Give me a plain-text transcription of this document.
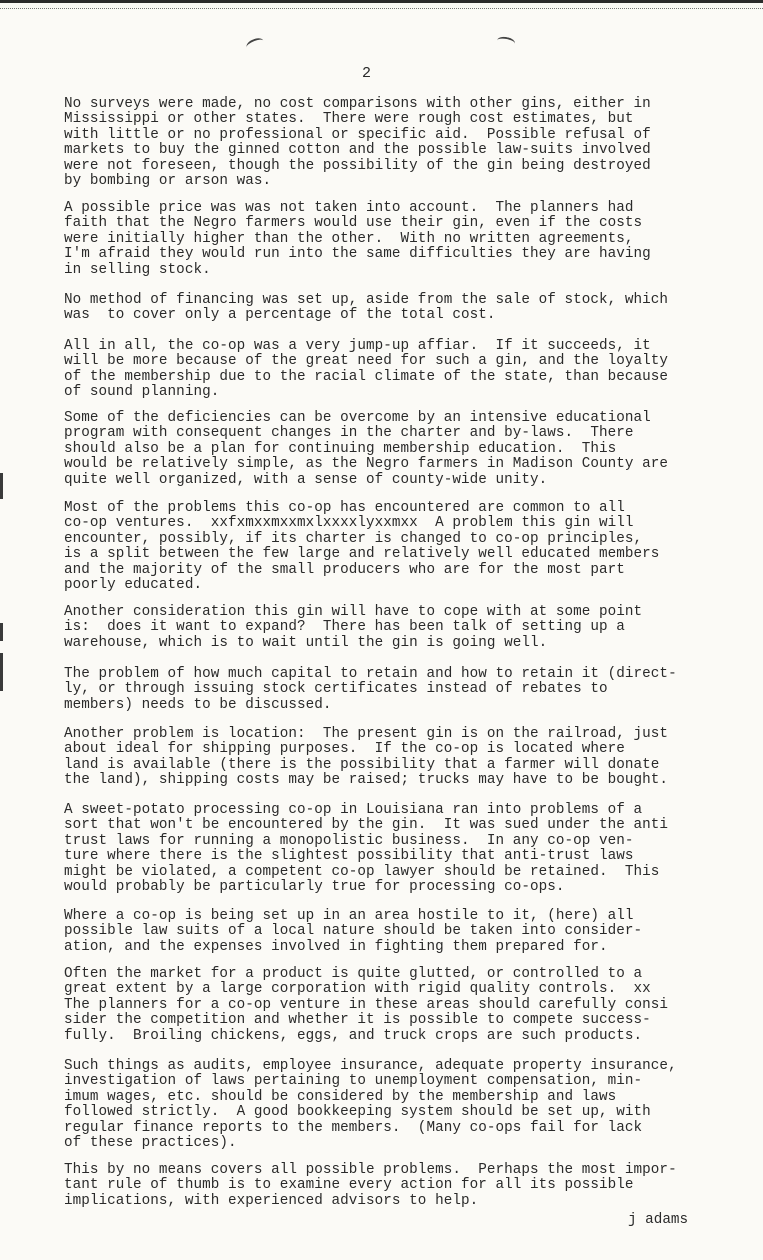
2

No surveys were made, no cost comparisons with other gins, either in
Mississippi or other states.  There were rough cost estimates, but
with little or no professional or specific aid.  Possible refusal of
markets to buy the ginned cotton and the possible law-suits involved
were not foreseen, though the possibility of the gin being destroyed
by bombing or arson was.

A possible price was was not taken into account.  The planners had
faith that the Negro farmers would use their gin, even if the costs
were initially higher than the other.  With no written agreements,
I'm afraid they would run into the same difficulties they are having
in selling stock.

No method of financing was set up, aside from the sale of stock, which
was  to cover only a percentage of the total cost.

All in all, the co-op was a very jump-up affiar.  If it succeeds, it
will be more because of the great need for such a gin, and the loyalty
of the membership due to the racial climate of the state, than because
of sound planning.

Some of the deficiencies can be overcome by an intensive educational
program with consequent changes in the charter and by-laws.  There
should also be a plan for continuing membership education.  This
would be relatively simple, as the Negro farmers in Madison County are
quite well organized, with a sense of county-wide unity.

Most of the problems this co-op has encountered are common to all
co-op ventures.  xxfxmxxmxxmxlxxxxlyxxmxx  A problem this gin will
encounter, possibly, if its charter is changed to co-op principles,
is a split between the few large and relatively well educated members
and the majority of the small producers who are for the most part
poorly educated.

Another consideration this gin will have to cope with at some point
is:  does it want to expand?  There has been talk of setting up a
warehouse, which is to wait until the gin is going well.

The problem of how much capital to retain and how to retain it (direct-
ly, or through issuing stock certificates instead of rebates to
members) needs to be discussed.

Another problem is location:  The present gin is on the railroad, just
about ideal for shipping purposes.  If the co-op is located where
land is available (there is the possibility that a farmer will donate
the land), shipping costs may be raised; trucks may have to be bought.

A sweet-potato processing co-op in Louisiana ran into problems of a
sort that won't be encountered by the gin.  It was sued under the anti
trust laws for running a monopolistic business.  In any co-op ven-
ture where there is the slightest possibility that anti-trust laws
might be violated, a competent co-op lawyer should be retained.  This
would probably be particularly true for processing co-ops.

Where a co-op is being set up in an area hostile to it, (here) all
possible law suits of a local nature should be taken into consider-
ation, and the expenses involved in fighting them prepared for.

Often the market for a product is quite glutted, or controlled to a
great extent by a large corporation with rigid quality controls.  xx
The planners for a co-op venture in these areas should carefully consi
sider the competition and whether it is possible to compete success-
fully.  Broiling chickens, eggs, and truck crops are such products.

Such things as audits, employee insurance, adequate property insurance,
investigation of laws pertaining to unemployment compensation, min-
imum wages, etc. should be considered by the membership and laws
followed strictly.  A good bookkeeping system should be set up, with
regular finance reports to the members.  (Many co-ops fail for lack
of these practices).

This by no means covers all possible problems.  Perhaps the most impor-
tant rule of thumb is to examine every action for all its possible
implications, with experienced advisors to help.

j adams
